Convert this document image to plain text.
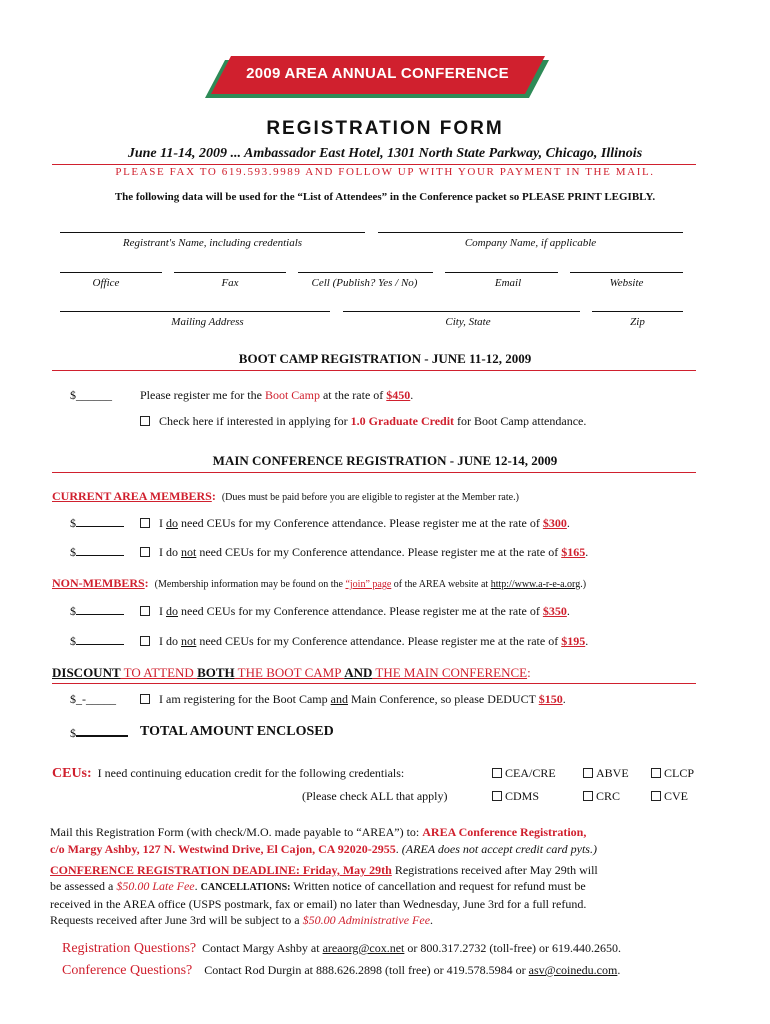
2009 AREA ANNUAL CONFERENCE
REGISTRATION FORM
June 11-14, 2009 ... Ambassador East Hotel, 1301 North State Parkway, Chicago, Illinois
PLEASE FAX TO 619.593.9989 AND FOLLOW UP WITH YOUR PAYMENT IN THE MAIL.
The following data will be used for the “List of Attendees” in the Conference packet so PLEASE PRINT LEGIBLY.
Registrant's Name, including credentials	Company Name, if applicable
Office	Fax	Cell (Publish? Yes / No)	Email	Website
Mailing Address	City, State	Zip
BOOT CAMP REGISTRATION - JUNE 11-12, 2009
$______ Please register me for the Boot Camp at the rate of $450.
Check here if interested in applying for 1.0 Graduate Credit for Boot Camp attendance.
MAIN CONFERENCE REGISTRATION - JUNE 12-14, 2009
CURRENT AREA MEMBERS: (Dues must be paid before you are eligible to register at the Member rate.)
$	I do need CEUs for my Conference attendance. Please register me at the rate of $300.
$	I do not need CEUs for my Conference attendance. Please register me at the rate of $165.
NON-MEMBERS: (Membership information may be found on the “join” page of the AREA website at http://www.a-r-e-a.org.)
$	I do need CEUs for my Conference attendance. Please register me at the rate of $350.
$	I do not need CEUs for my Conference attendance. Please register me at the rate of $195.
DISCOUNT TO ATTEND BOTH THE BOOT CAMP AND THE MAIN CONFERENCE:
$_-_____	I am registering for the Boot Camp and Main Conference, so please DEDUCT $150.
$	TOTAL AMOUNT ENCLOSED
CEUs: I need continuing education credit for the following credentials:
(Please check ALL that apply)
CEA/CRE	ABVE	CLCP
CDMS	CRC	CVE
Mail this Registration Form (with check/M.O. made payable to “AREA”) to: AREA Conference Registration,
c/o Margy Ashby, 127 N. Westwind Drive, El Cajon, CA 92020-2955. (AREA does not accept credit card pyts.)
CONFERENCE REGISTRATION DEADLINE: Friday, May 29th Registrations received after May 29th will
be assessed a $50.00 Late Fee. CANCELLATIONS: Written notice of cancellation and request for refund must be
received in the AREA office (USPS postmark, fax or email) no later than Wednesday, June 3rd for a full refund.
Requests received after June 3rd will be subject to a $50.00 Administrative Fee.
Registration Questions? Contact Margy Ashby at areaorg@cox.net or 800.317.2732 (toll-free) or 619.440.2650.
Conference Questions? Contact Rod Durgin at 888.626.2898 (toll free) or 419.578.5984 or asv@coinedu.com.
